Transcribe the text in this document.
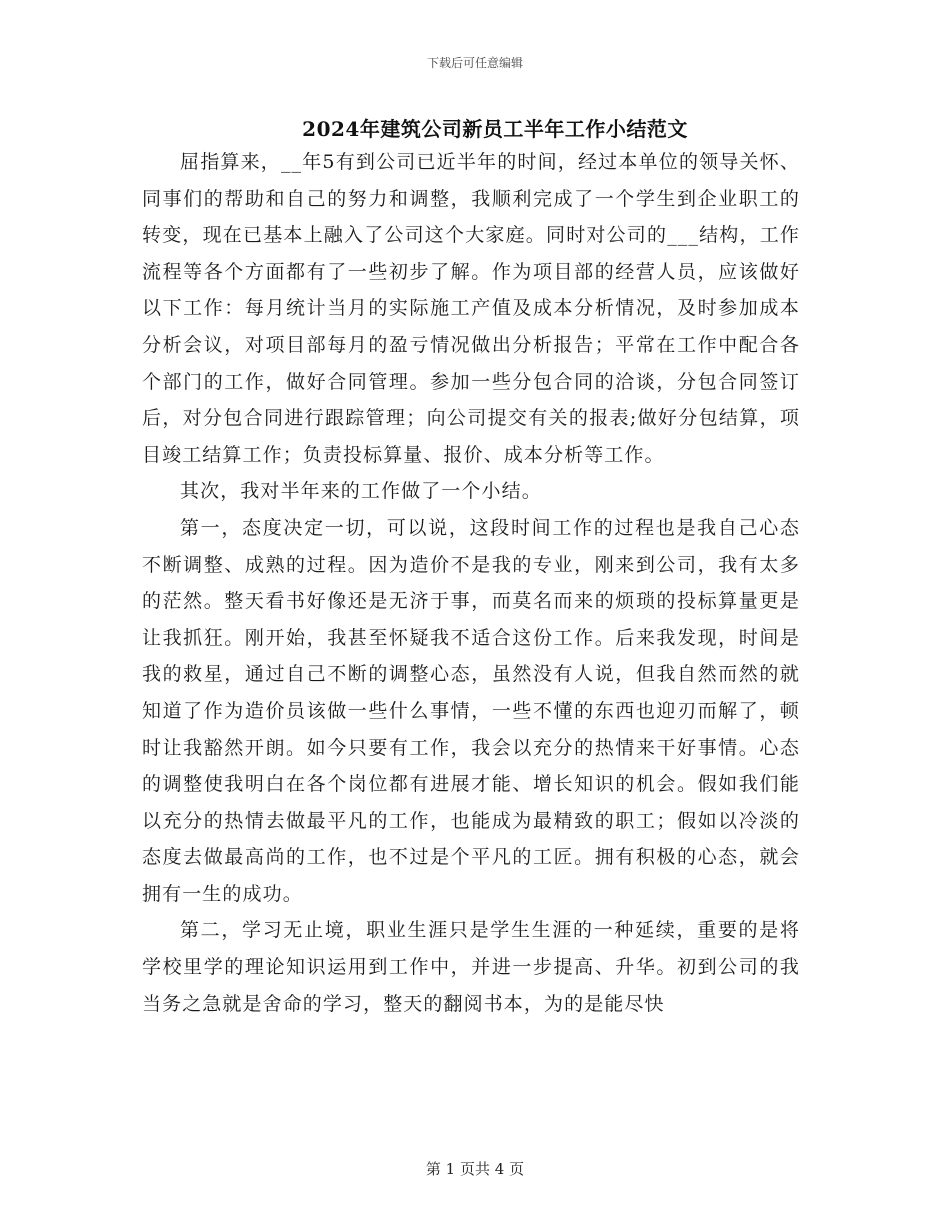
下载后可任意编辑
2024年建筑公司新员工半年工作小结范文

屈指算来，__年5有到公司已近半年的时间，经过本单位的领导关怀、同事们的帮助和自己的努力和调整，我顺利完成了一个学生到企业职工的转变，现在已基本上融入了公司这个大家庭。同时对公司的___结构，工作流程等各个方面都有了一些初步了解。作为项目部的经营人员，应该做好以下工作：每月统计当月的实际施工产值及成本分析情况，及时参加成本分析会议，对项目部每月的盈亏情况做出分析报告；平常在工作中配合各个部门的工作，做好合同管理。参加一些分包合同的洽谈，分包合同签订后，对分包合同进行跟踪管理；向公司提交有关的报表;做好分包结算，项目竣工结算工作；负责投标算量、报价、成本分析等工作。

其次，我对半年来的工作做了一个小结。

第一，态度决定一切，可以说，这段时间工作的过程也是我自己心态不断调整、成熟的过程。因为造价不是我的专业，刚来到公司，我有太多的茫然。整天看书好像还是无济于事，而莫名而来的烦琐的投标算量更是让我抓狂。刚开始，我甚至怀疑我不适合这份工作。后来我发现，时间是我的救星，通过自己不断的调整心态，虽然没有人说，但我自然而然的就知道了作为造价员该做一些什么事情，一些不懂的东西也迎刃而解了，顿时让我豁然开朗。如今只要有工作，我会以充分的热情来干好事情。心态的调整使我明白在各个岗位都有进展才能、增长知识的机会。假如我们能以充分的热情去做最平凡的工作，也能成为最精致的职工；假如以冷淡的态度去做最高尚的工作，也不过是个平凡的工匠。拥有积极的心态，就会拥有一生的成功。

第二，学习无止境，职业生涯只是学生生涯的一种延续，重要的是将学校里学的理论知识运用到工作中，并进一步提高、升华。初到公司的我当务之急就是舍命的学习，整天的翻阅书本，为的是能尽快

第 1 页共 4 页
